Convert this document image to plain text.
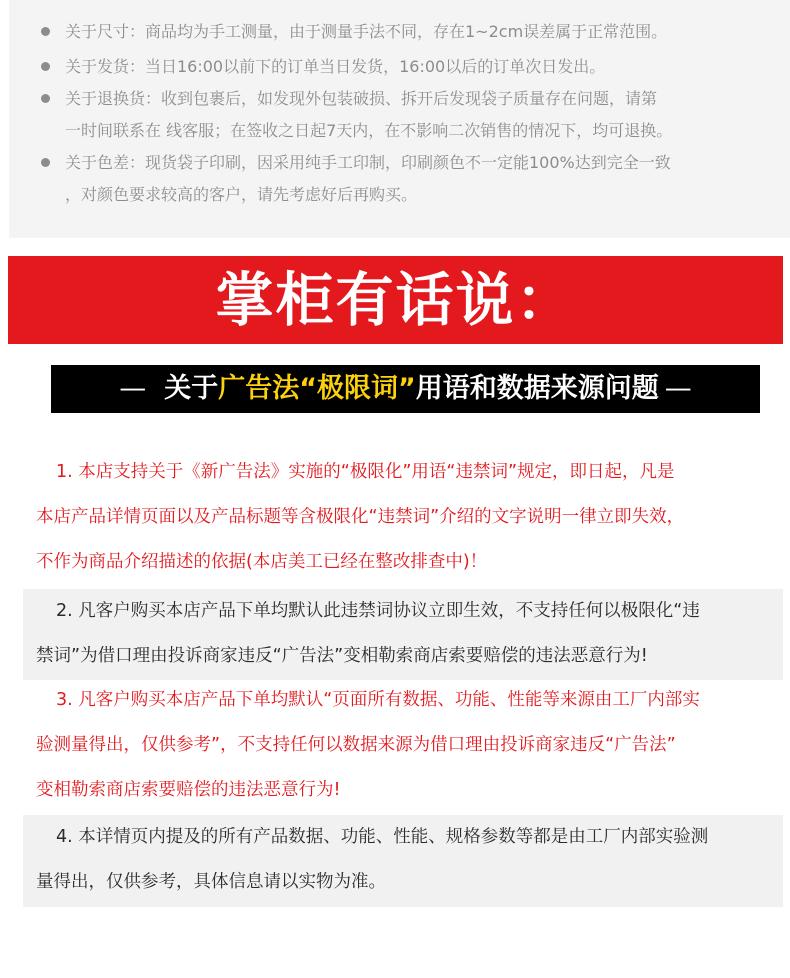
关于尺寸：商品均为手工测量，由于测量手法不同，存在1~2cm误差属于正常范围。
关于发货：当日16:00以前下的订单当日发货，16:00以后的订单次日发出。
关于退换货：收到包裹后，如发现外包装破损、拆开后发现袋子质量存在问题，请第
一时间联系在 线客服；在签收之日起7天内，在不影响二次销售的情况下，均可退换。
关于色差：现货袋子印刷，因采用纯手工印制，印刷颜色不一定能100%达到完全一致
，对颜色要求较高的客户，请先考虑好后再购买。
掌柜有话说：
— 关于 广告法“极限词” 用语和数据来源问题 —
1. 本店支持关于《新广告法》实施的“极限化”用语“违禁词”规定，即日起，凡是
本店产品详情页面以及产品标题等含极限化“违禁词”介绍的文字说明一律立即失效，
不作为商品介绍描述的依据(本店美工已经在整改排查中)！
2. 凡客户购买本店产品下单均默认此违禁词协议立即生效，不支持任何以极限化“违
禁词”为借口理由投诉商家违反“广告法”变相勒索商店索要赔偿的违法恶意行为!
3. 凡客户购买本店产品下单均默认“页面所有数据、功能、性能等来源由工厂内部实
验测量得出，仅供参考”，不支持任何以数据来源为借口理由投诉商家违反“广告法”
变相勒索商店索要赔偿的违法恶意行为!
4. 本详情页内提及的所有产品数据、功能、性能、规格参数等都是由工厂内部实验测
量得出，仅供参考，具体信息请以实物为准。
